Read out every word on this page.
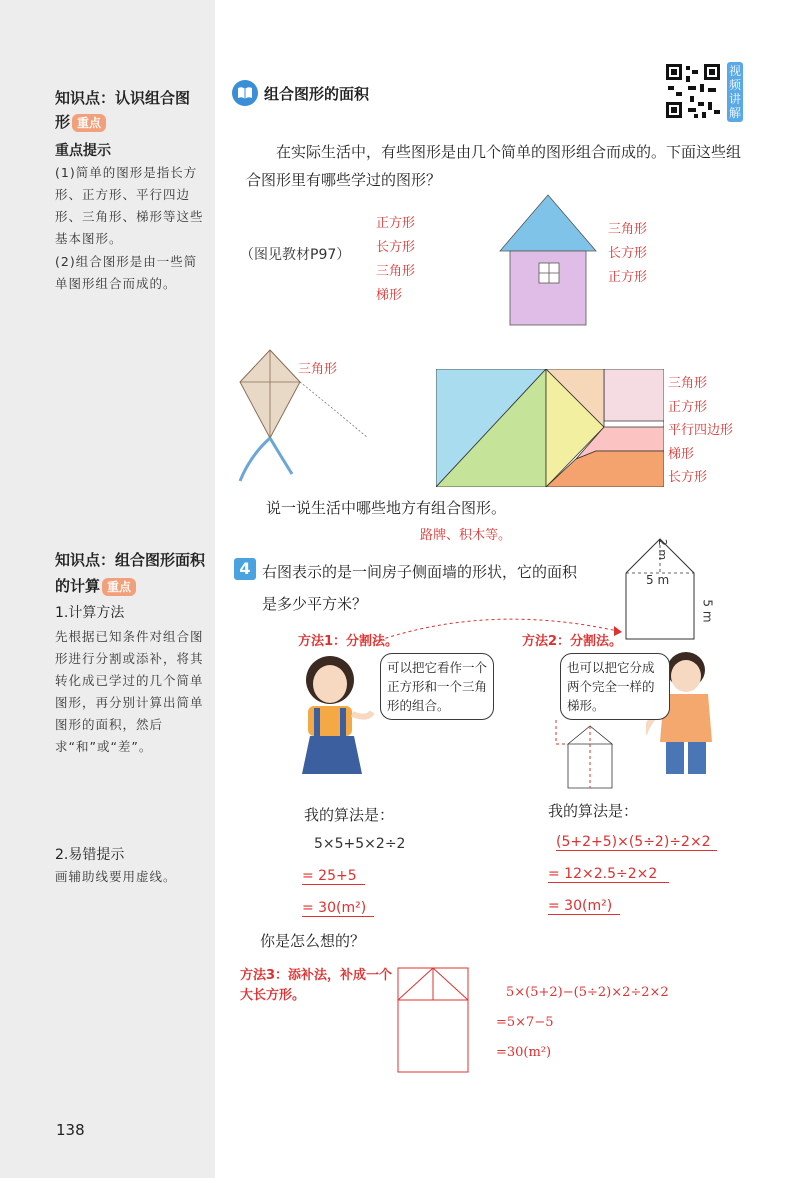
知识点：认识组合图
形 重点
重点提示
(1)简单的图形是指长方形、正方形、平行四边形、三角形、梯形等这些基本图形。
(2)组合图形是由一些简单图形组合而成的。
知识点：组合图形面积
的计算 重点
1.计算方法
先根据已知条件对组合图形进行分割或添补，将其转化成已学过的几个简单图形，再分别计算出简单图形的面积，然后求“和”或“差”。
2.易错提示
画辅助线要用虚线。
组合图形的面积
视频讲解
在实际生活中，有些图形是由几个简单的图形组合而成的。下面这些组合图形里有哪些学过的图形？
（图见教材P97）
正方形
长方形
三角形
梯形
三角形
长方形
正方形
三角形
三角形
正方形
平行四边形
梯形
长方形
说一说生活中哪些地方有组合图形。
路牌、积木等。
4 右图表示的是一间房子侧面墙的形状，它的面积
是多少平方米？
2 m
5 m
5 m
方法1：分割法。	方法2：分割法。
可以把它看作一个正方形和一个三角形的组合。
也可以把它分成两个完全一样的梯形。
我的算法是：	我的算法是：
5×5+5×2÷2
= 25+5
= 30(m²)
(5+2+5)×(5÷2)÷2×2
= 12×2.5÷2×2
= 30(m²)
你是怎么想的？
方法3：添补法，补成一个大长方形。	5×(5+2)−(5÷2)×2÷2×2
=5×7−5
=30(m²)
138
